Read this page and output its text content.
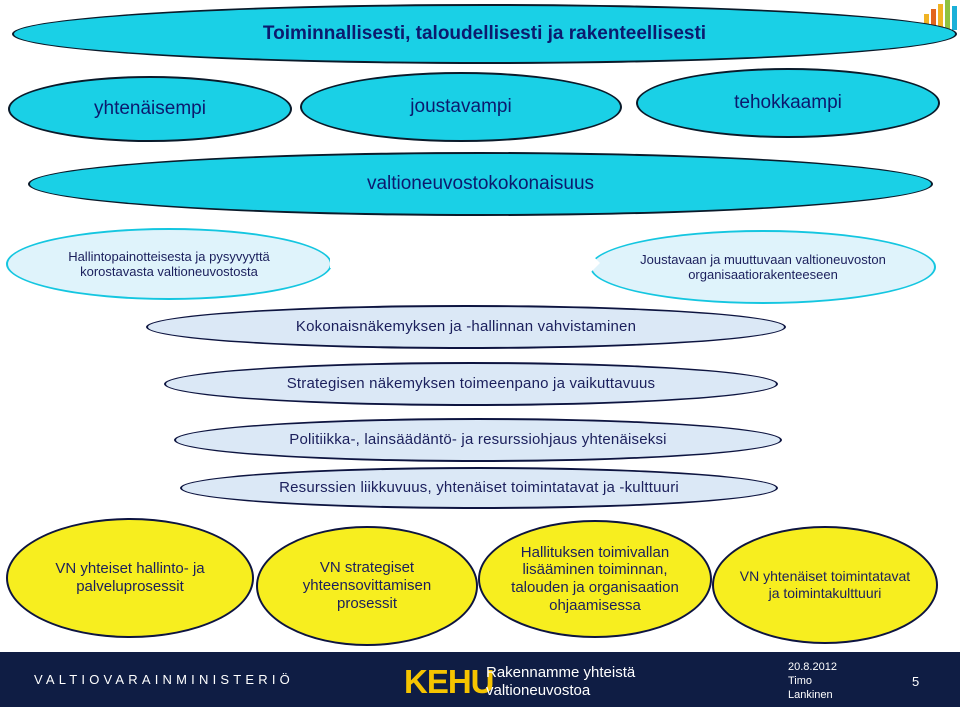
Toiminnallisesti, taloudellisesti ja rakenteellisesti
yhtenäisempi	joustavampi	tehokkaampi
valtioneuvostokokonaisuus
Hallintopainotteisesta ja pysyvyyttä
korostavasta valtioneuvostosta
Joustavaan ja muuttuvaan valtioneuvoston
organisaatiorakenteeseen
Kokonaisnäkemyksen ja -hallinnan vahvistaminen
Strategisen näkemyksen toimeenpano ja vaikuttavuus
Politiikka-, lainsäädäntö- ja resurssiohjaus yhtenäiseksi
Resurssien liikkuvuus, yhtenäiset toimintatavat ja -kulttuuri
VN yhteiset hallinto- ja
palveluprosessit
VN strategiset
yhteensovittamisen
prosessit
Hallituksen toimivallan
lisääminen toiminnan,
talouden ja organisaation
ohjaamisessa
VN yhtenäiset toimintatavat
ja toimintakulttuuri
VALTIOVARAINMINISTERIÖ	KEHU
Rakennamme yhteistä
valtioneuvostoa
20.8.2012
Timo
Lankinen
5
